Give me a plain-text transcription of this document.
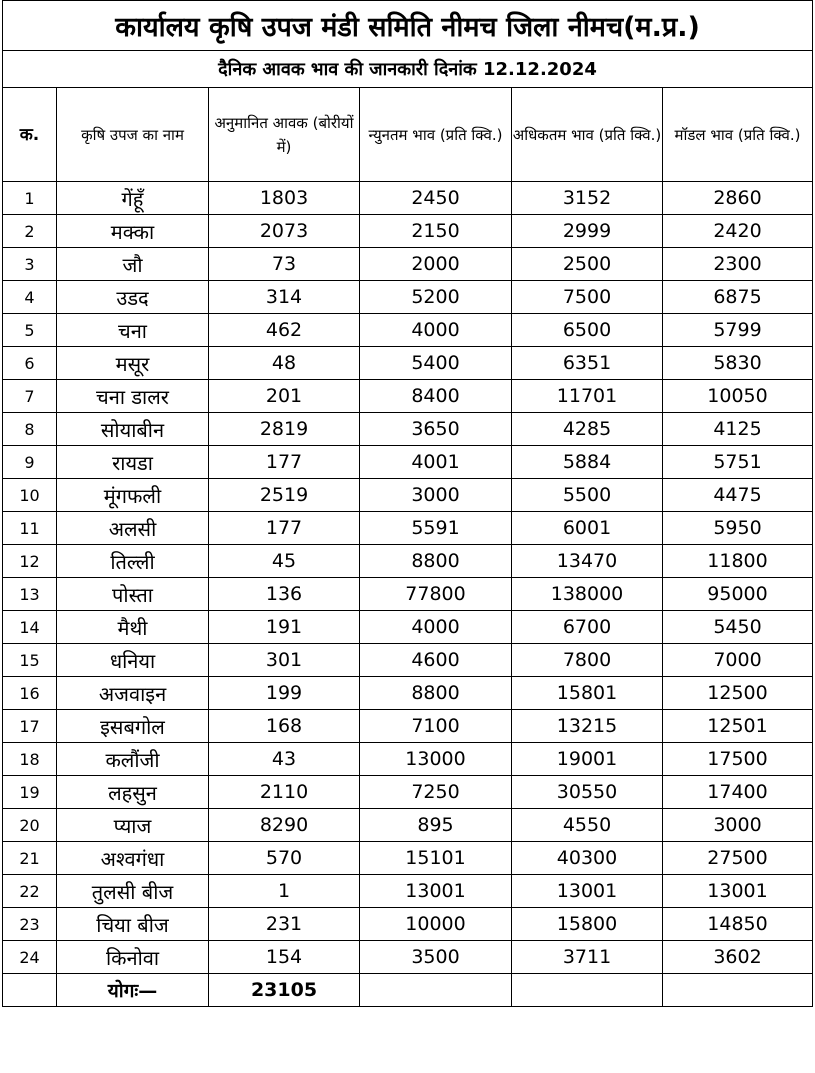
कार्यालय कृषि उपज मंडी समिति नीमच जिला नीमच(म.प्र.)					
दैनिक आवक भाव की जानकारी दिनांक 12.12.2024					
क.	कृषि उपज का नाम	अनुमानित आवक (बोरीयों में)	न्युनतम भाव (प्रति क्वि.)	अधिकतम भाव (प्रति क्वि.)	मॉडल भाव (प्रति क्वि.)
1	गेंहूँ	1803	2450	3152	2860
2	मक्का	2073	2150	2999	2420
3	जौ	73	2000	2500	2300
4	उडद	314	5200	7500	6875
5	चना	462	4000	6500	5799
6	मसूर	48	5400	6351	5830
7	चना डालर	201	8400	11701	10050
8	सोयाबीन	2819	3650	4285	4125
9	रायडा	177	4001	5884	5751
10	मूंगफली	2519	3000	5500	4475
11	अलसी	177	5591	6001	5950
12	तिल्ली	45	8800	13470	11800
13	पोस्ता	136	77800	138000	95000
14	मैथी	191	4000	6700	5450
15	धनिया	301	4600	7800	7000
16	अजवाइन	199	8800	15801	12500
17	इसबगोल	168	7100	13215	12501
18	कलौंजी	43	13000	19001	17500
19	लहसुन	2110	7250	30550	17400
20	प्याज	8290	895	4550	3000
21	अश्वगंधा	570	15101	40300	27500
22	तुलसी बीज	1	13001	13001	13001
23	चिया बीज	231	10000	15800	14850
24	किनोवा	154	3500	3711	3602
	योगः—	23105			
